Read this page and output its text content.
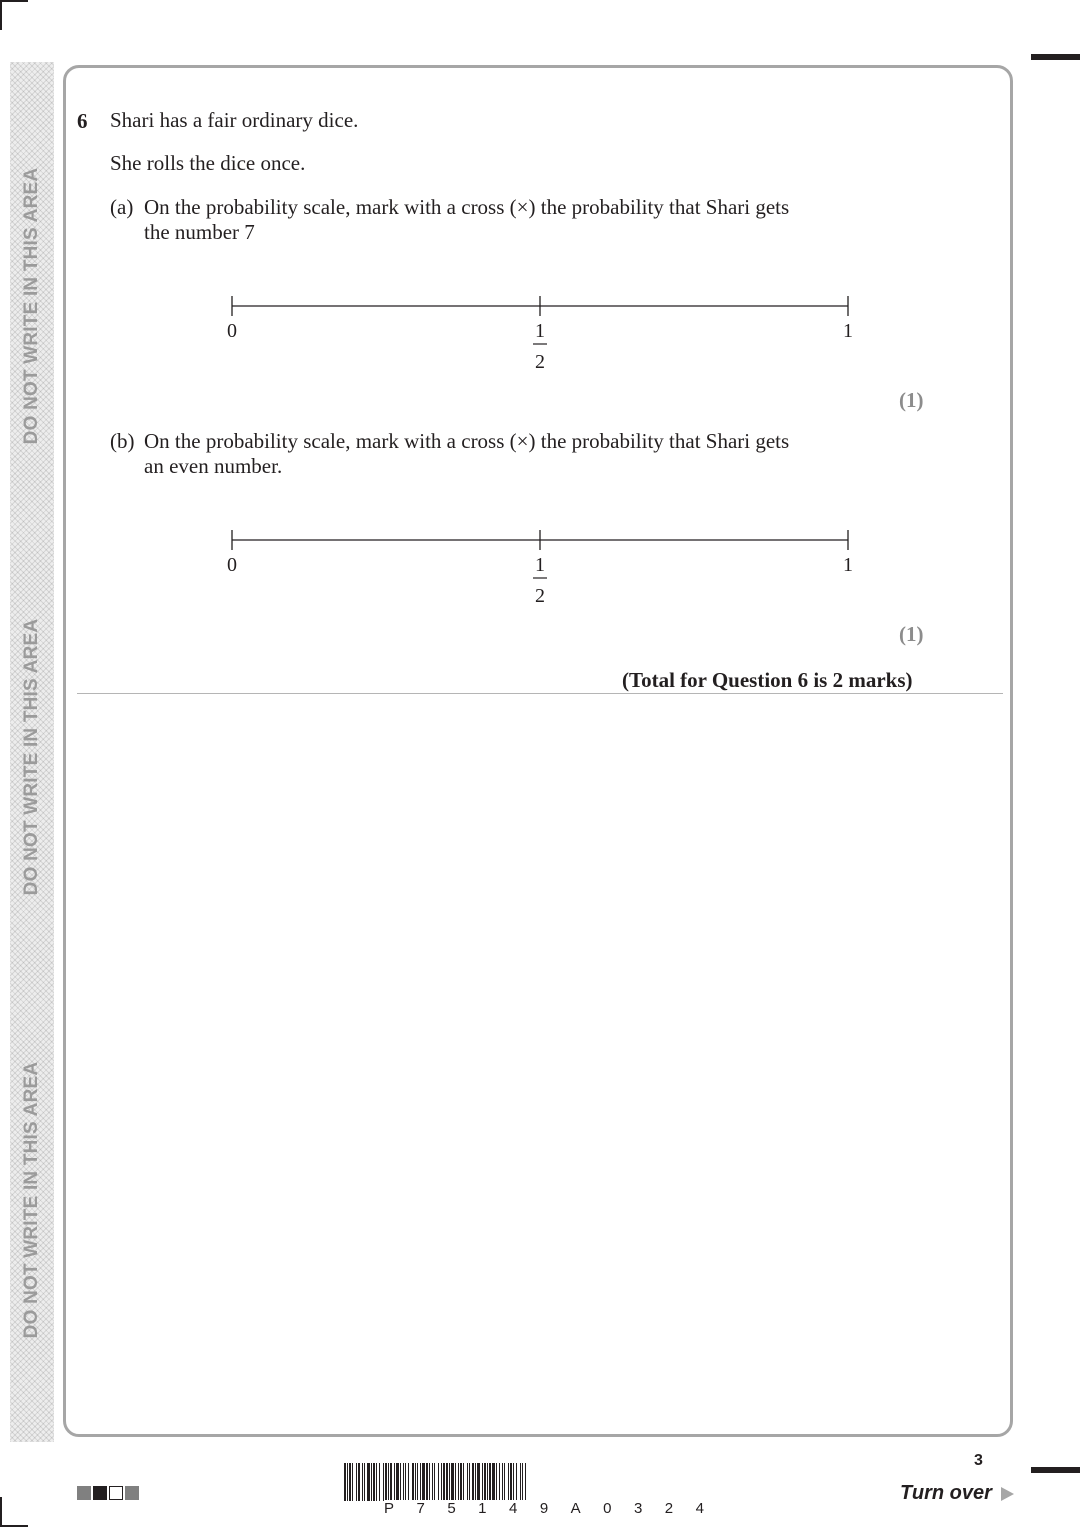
DO NOT WRITE IN THIS AREA
DO NOT WRITE IN THIS AREA
DO NOT WRITE IN THIS AREA
6 Shari has a fair ordinary dice.
She rolls the dice once.
(a) On the probability scale, mark with a cross (×) the probability that Shari gets
the number 7
0	1
2
1
(1)
(b) On the probability scale, mark with a cross (×) the probability that Shari gets
an even number.
0	1
2
1
(1)
(Total for Question 6 is 2 marks)
P 7 5 1 4 9 A 0 3 2 4
3
Turn over
